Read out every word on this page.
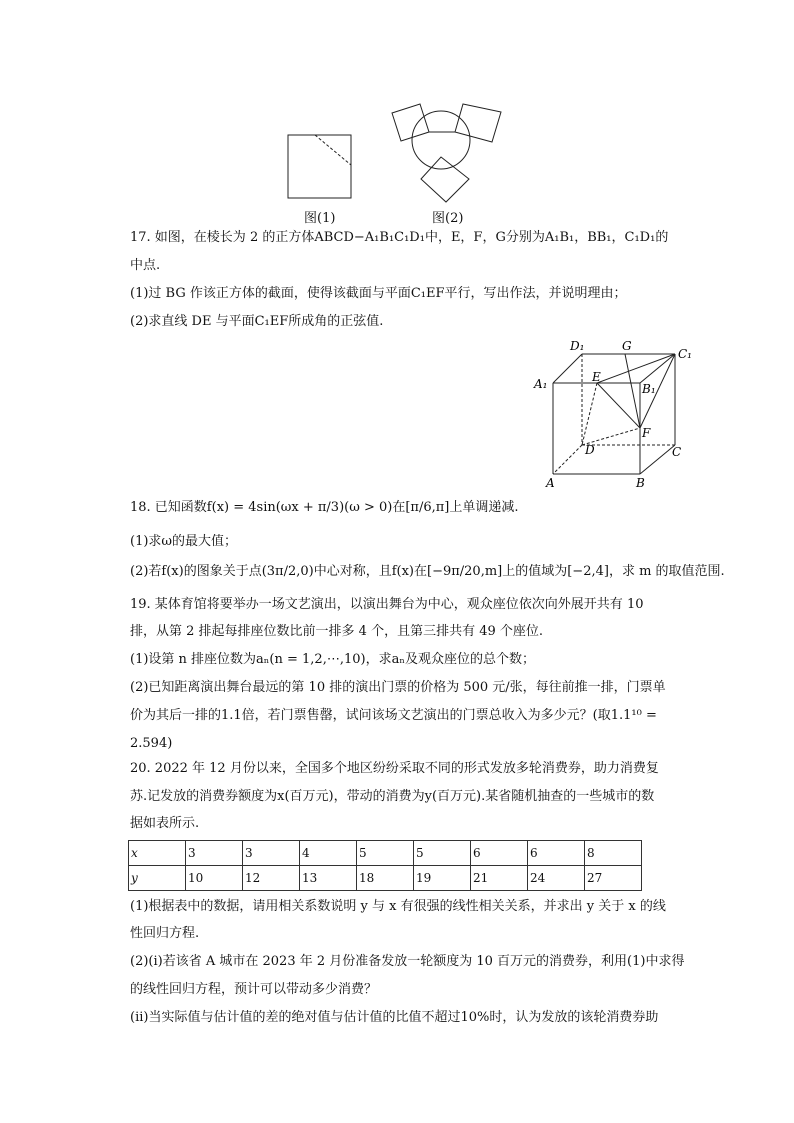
图(1)	图(2)
17. 如图，在棱长为 2 的正方体ABCD−A₁B₁C₁D₁中，E，F，G分别为A₁B₁，BB₁，C₁D₁的
中点.
(1)过 BG 作该正方体的截面，使得该截面与平面C₁EF平行，写出作法，并说明理由；
(2)求直线 DE 与平面C₁EF所成角的正弦值.
D₁	G
C₁
A₁	E
B₁
F
D	C
A	B
18. 已知函数f(x) = 4sin(ωx + π/3)(ω > 0)在[π/6,π]上单调递减.
(1)求ω的最大值；
(2)若f(x)的图象关于点(3π/2,0)中心对称，且f(x)在[−9π/20,m]上的值域为[−2,4]，求 m 的取值范围.
19. 某体育馆将要举办一场文艺演出，以演出舞台为中心，观众座位依次向外展开共有 10
排，从第 2 排起每排座位数比前一排多 4 个，且第三排共有 49 个座位.
(1)设第 n 排座位数为aₙ(n = 1,2,⋯,10)，求aₙ及观众座位的总个数；
(2)已知距离演出舞台最远的第 10 排的演出门票的价格为 500 元/张，每往前推一排，门票单
价为其后一排的1.1倍，若门票售罄，试问该场文艺演出的门票总收入为多少元？(取1.1¹⁰ =
2.594)
20. 2022 年 12 月份以来，全国多个地区纷纷采取不同的形式发放多轮消费券，助力消费复
苏.记发放的消费券额度为x(百万元)，带动的消费为y(百万元).某省随机抽查的一些城市的数
据如表所示.
x	3	3	4	5	5	6	6	8
y	10	12	13	18	19	21	24	27
(1)根据表中的数据，请用相关系数说明 y 与 x 有很强的线性相关关系，并求出 y 关于 x 的线
性回归方程.
(2)(i)若该省 A 城市在 2023 年 2 月份准备发放一轮额度为 10 百万元的消费券，利用(1)中求得
的线性回归方程，预计可以带动多少消费？
(ii)当实际值与估计值的差的绝对值与估计值的比值不超过10%时，认为发放的该轮消费券助
